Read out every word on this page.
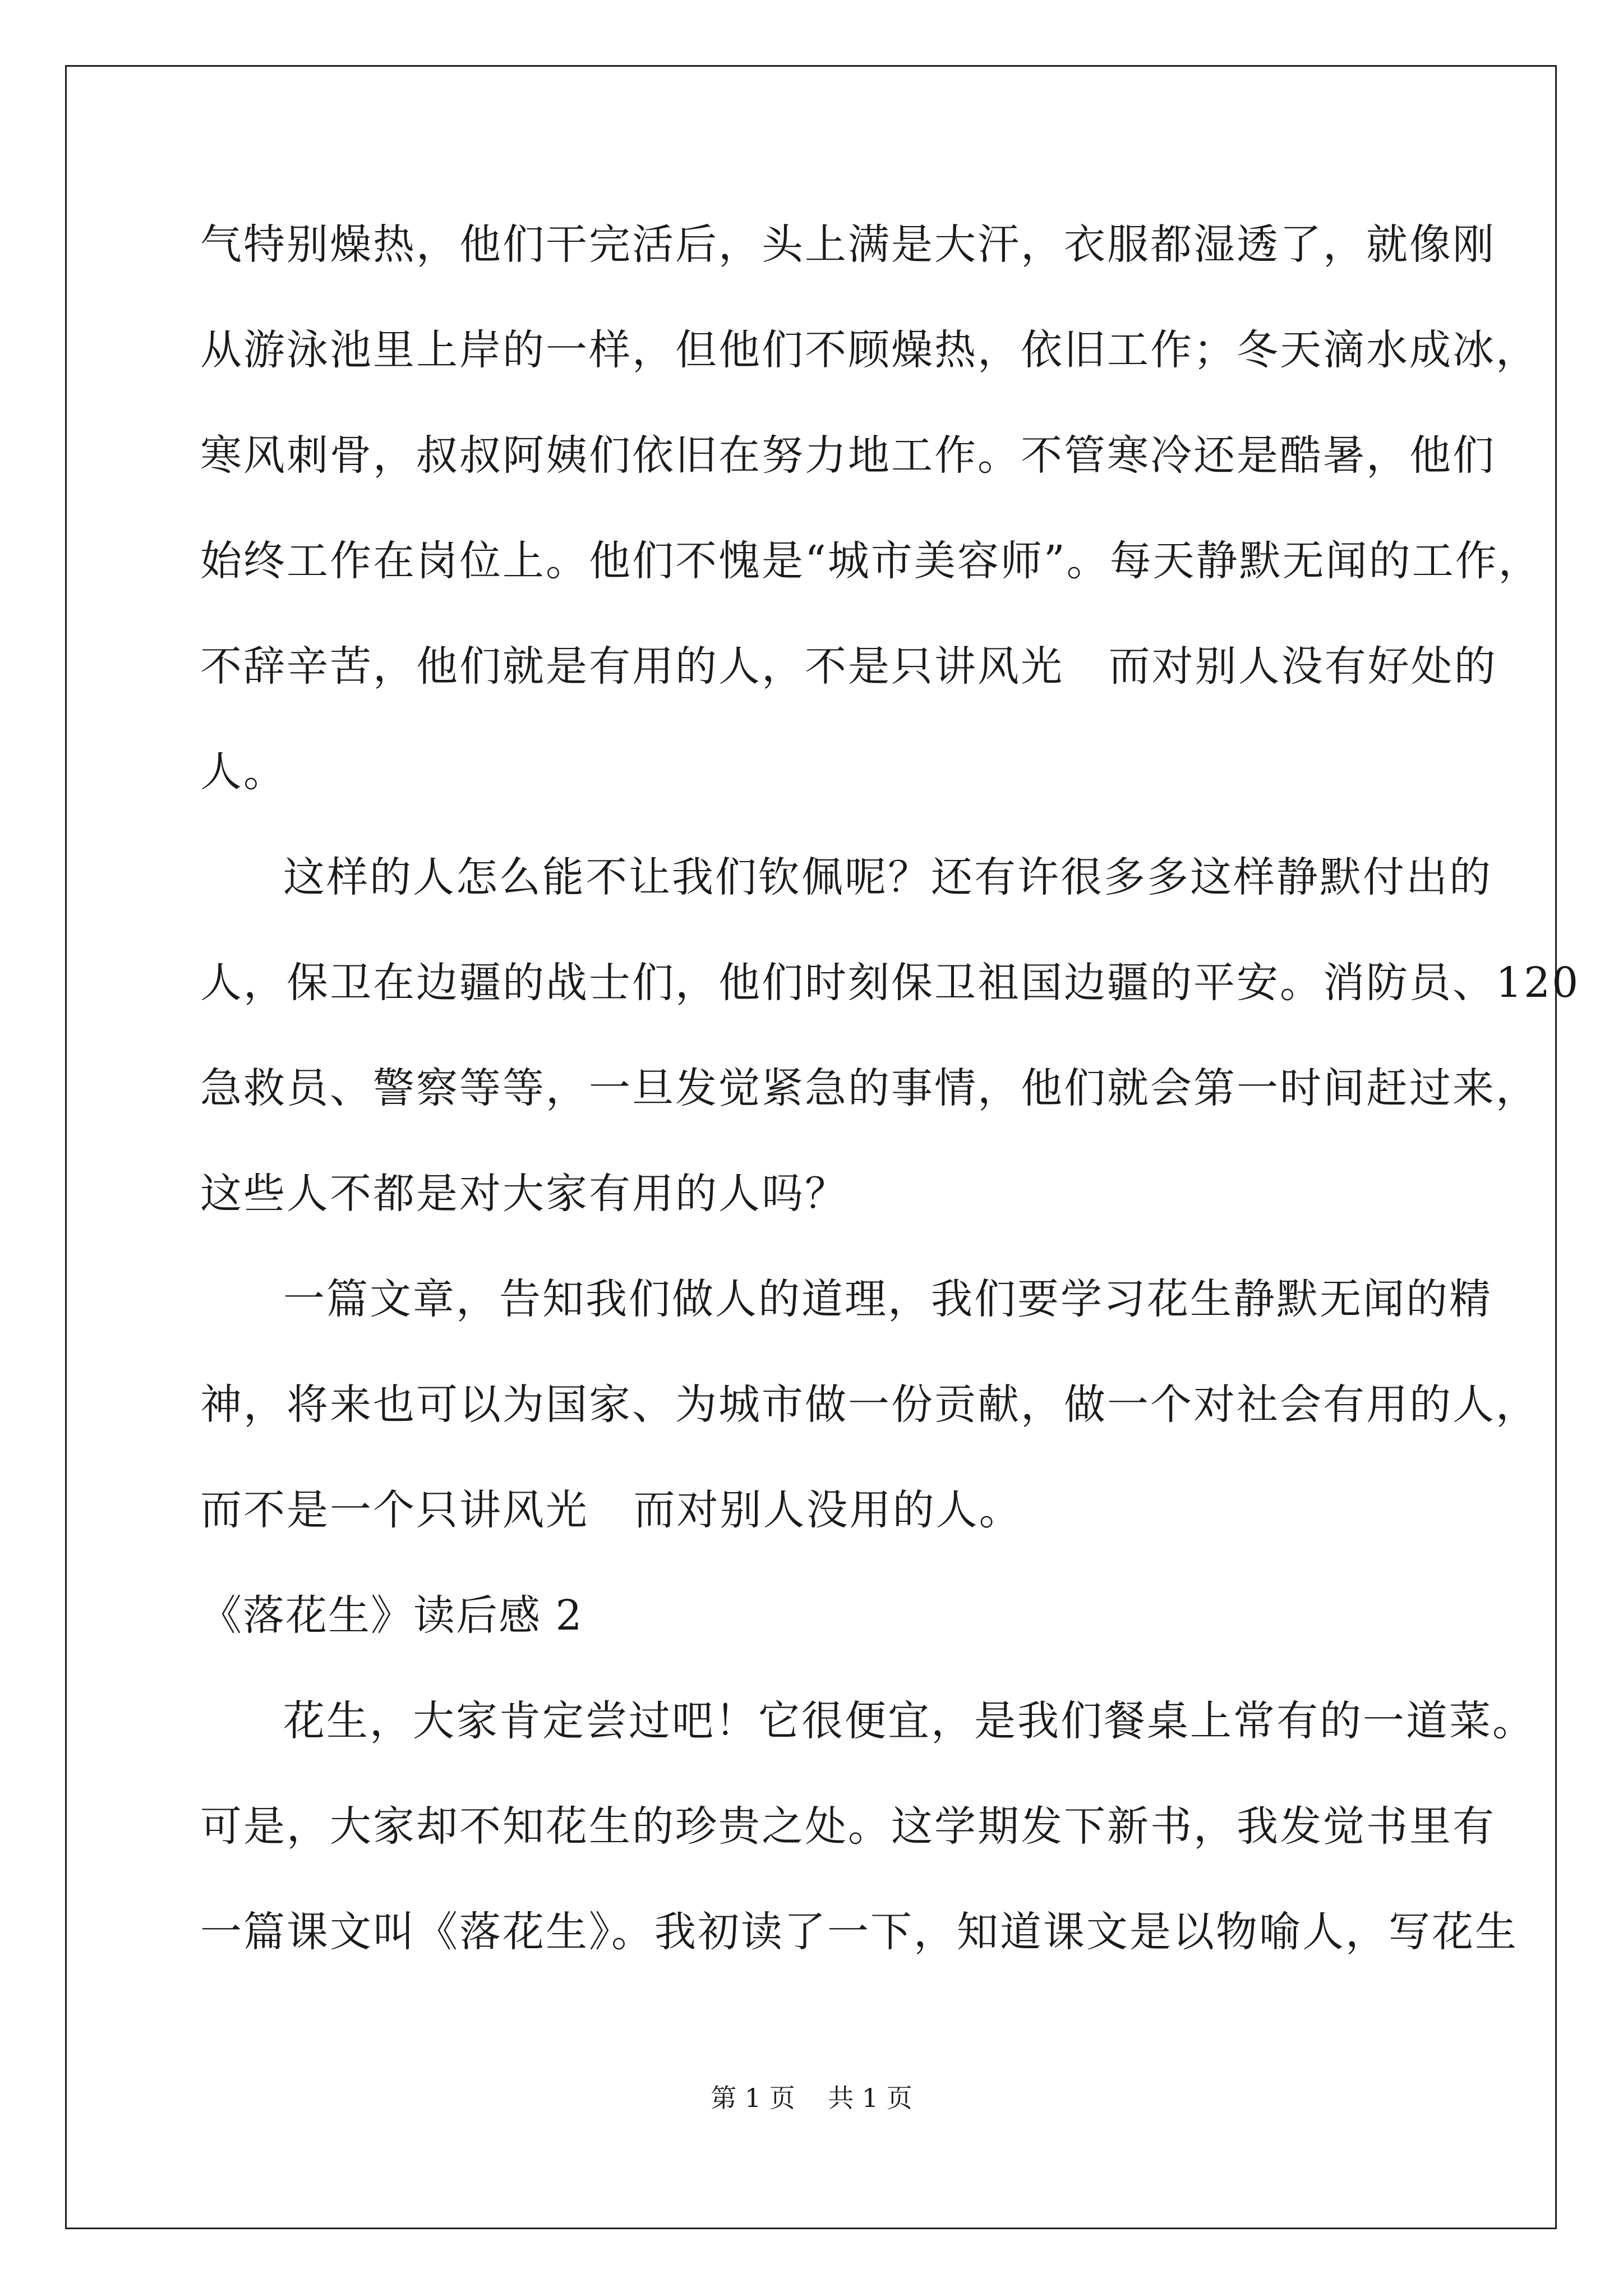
气特别燥热，他们干完活后，头上满是大汗，衣服都湿透了，就像刚
从游泳池里上岸的一样，但他们不顾燥热，依旧工作；冬天滴水成冰，
寒风刺骨，叔叔阿姨们依旧在努力地工作。不管寒冷还是酷暑，他们
始终工作在岗位上。他们不愧是“城市美容师”。每天静默无闻的工作，
不辞辛苦，他们就是有用的人，不是只讲风光   而对别人没有好处的
人。
这样的人怎么能不让我们钦佩呢？还有许很多多这样静默付出的
人，保卫在边疆的战士们，他们时刻保卫祖国边疆的平安。消防员、120
急救员、警察等等，一旦发觉紧急的事情，他们就会第一时间赶过来，
这些人不都是对大家有用的人吗？
一篇文章，告知我们做人的道理，我们要学习花生静默无闻的精
神，将来也可以为国家、为城市做一份贡献，做一个对社会有用的人，
而不是一个只讲风光   而对别人没用的人。
《落花生》读后感 2
花生，大家肯定尝过吧！它很便宜，是我们餐桌上常有的一道菜。
可是，大家却不知花生的珍贵之处。这学期发下新书，我发觉书里有
一篇课文叫《落花生》。我初读了一下，知道课文是以物喻人，写花生
第 1 页    共 1 页
